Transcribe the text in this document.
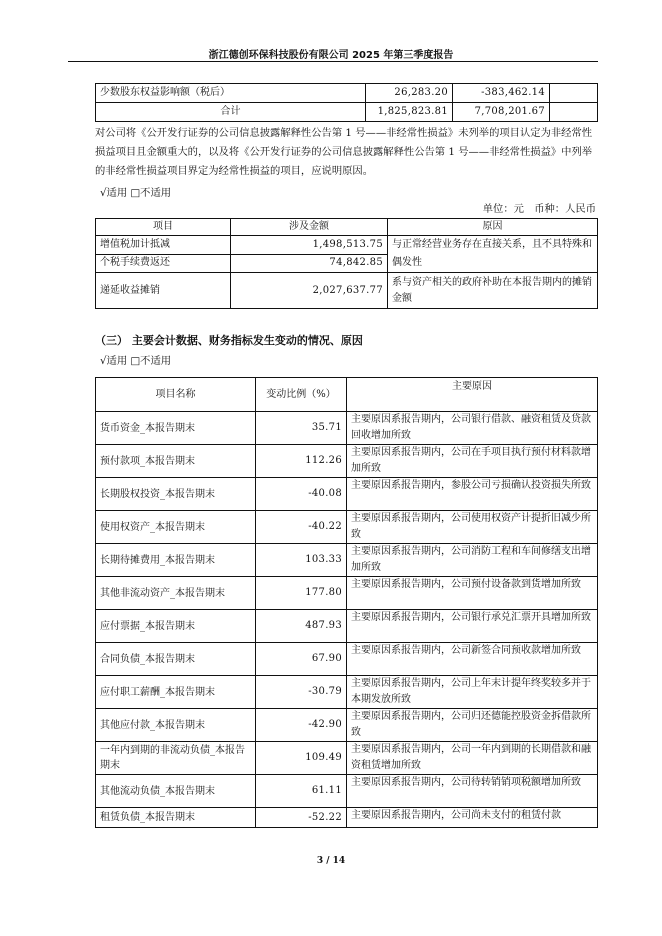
浙江德创环保科技股份有限公司 2025 年第三季度报告
少数股东权益影响额（税后）	26,283.20	-383,462.14	
合计	1,825,823.81	7,708,201.67	
对公司将《公开发行证券的公司信息披露解释性公告第 1 号——非经常性损益》未列举的项目认定为非经常性损益项目且金额重大的，以及将《公开发行证券的公司信息披露解释性公告第 1 号——非经常性损益》中列举的非经常性损益项目界定为经常性损益的项目，应说明原因。
√适用 □不适用
单位：元　币种：人民币
项目	涉及金额	原因
增值税加计抵减	1,498,513.75	与正常经营业务存在直接关系，且不具特殊和偶发性
个税手续费返还	74,842.85	
递延收益摊销	2,027,637.77	系与资产相关的政府补助在本报告期内的摊销金额
（三） 主要会计数据、财务指标发生变动的情况、原因
√适用 □不适用
项目名称	变动比例（%）	主要原因
货币资金_本报告期末	35.71	主要原因系报告期内，公司银行借款、融资租赁及贷款回收增加所致
预付款项_本报告期末	112.26	主要原因系报告期内，公司在手项目执行预付材料款增加所致
长期股权投资_本报告期末	-40.08	主要原因系报告期内，参股公司亏损确认投资损失所致
使用权资产_本报告期末	-40.22	主要原因系报告期内，公司使用权资产计提折旧减少所致
长期待摊费用_本报告期末	103.33	主要原因系报告期内，公司消防工程和车间修缮支出增加所致
其他非流动资产_本报告期末	177.80	主要原因系报告期内，公司预付设备款到货增加所致
应付票据_本报告期末	487.93	主要原因系报告期内，公司银行承兑汇票开具增加所致
合同负债_本报告期末	67.90	主要原因系报告期内，公司新签合同预收款增加所致
应付职工薪酬_本报告期末	-30.79	主要原因系报告期内，公司上年末计提年终奖较多并于本期发放所致
其他应付款_本报告期末	-42.90	主要原因系报告期内，公司归还德能控股资金拆借款所致
一年内到期的非流动负债_本报告期末	109.49	主要原因系报告期内，公司一年内到期的长期借款和融资租赁增加所致
其他流动负债_本报告期末	61.11	主要原因系报告期内，公司待转销销项税额增加所致
租赁负债_本报告期末	-52.22	主要原因系报告期内，公司尚未支付的租赁付款
3 / 14
